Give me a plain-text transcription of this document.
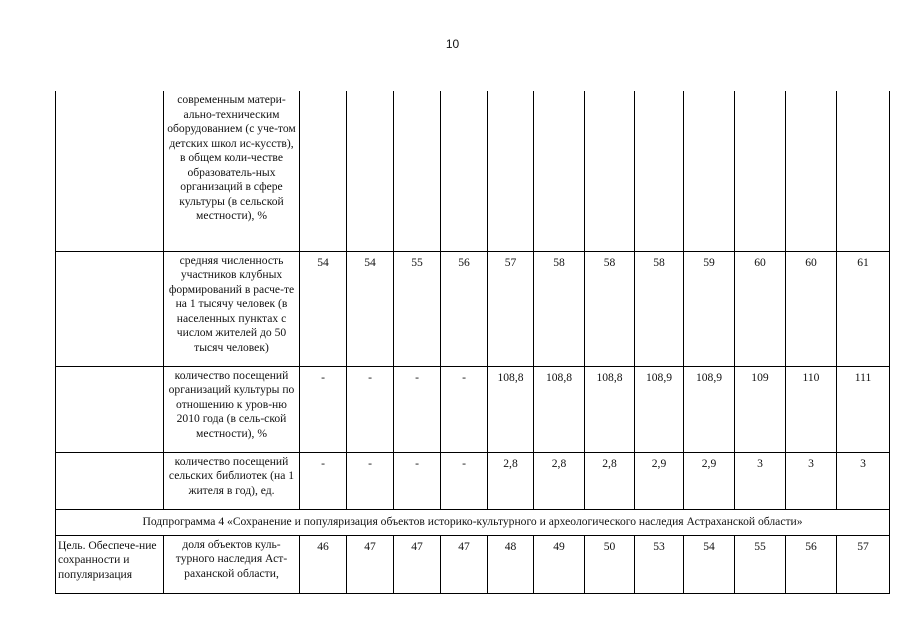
10
	современным матери-ально-техническим оборудованием (с уче-том детских школ ис-кусств), в общем коли-честве образователь-ных организаций в сфере культуры (в сельской местности), %												
	средняя численность участников клубных формирований в расче-те на 1 тысячу человек (в населенных пунктах с числом жителей до 50 тысяч человек)	54	54	55	56	57	58	58	58	59	60	60	61
	количество посещений организаций культуры по отношению к уров-ню 2010 года (в сель-ской местности), %	-	-	-	-	108,8	108,8	108,8	108,9	108,9	109	110	111
	количество посещений сельских библиотек (на 1 жителя в год), ед.	-	-	-	-	2,8	2,8	2,8	2,9	2,9	3	3	3
Подпрограмма 4 «Сохранение и популяризация объектов историко-культурного и археологического наследия Астраханской области»													
Цель. Обеспече-ние сохранности и популяризация	доля объектов куль-турного наследия Аст-раханской области,	46	47	47	47	48	49	50	53	54	55	56	57
